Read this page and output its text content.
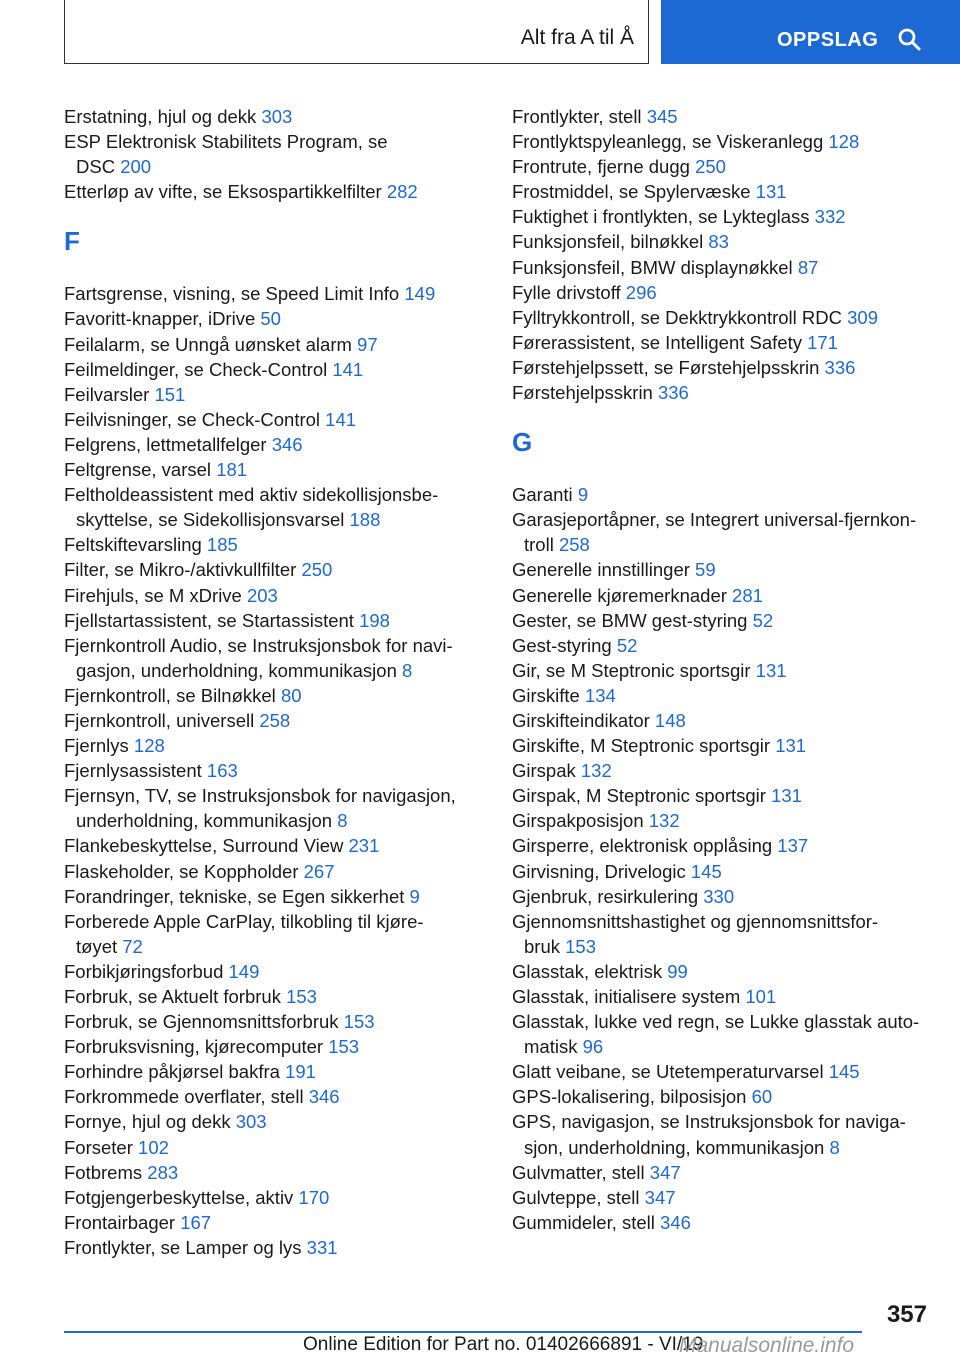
Alt fra A til Å	OPPSLAG
Erstatning, hjul og dekk 303
ESP Elektronisk Stabilitets Program, se
DSC 200
Etterløp av vifte, se Eksospartikkelfilter 282
F
Fartsgrense, visning, se Speed Limit Info 149
Favoritt-knapper, iDrive 50
Feilalarm, se Unngå uønsket alarm 97
Feilmeldinger, se Check-Control 141
Feilvarsler 151
Feilvisninger, se Check-Control 141
Felgrens, lettmetallfelger 346
Feltgrense, varsel 181
Feltholdeassistent med aktiv sidekollisjonsbe‐
skyttelse, se Sidekollisjonsvarsel 188
Feltskiftevarsling 185
Filter, se Mikro-/aktivkullfilter 250
Firehjuls, se M xDrive 203
Fjellstartassistent, se Startassistent 198
Fjernkontroll Audio, se Instruksjonsbok for navi‐
gasjon, underholdning, kommunikasjon 8
Fjernkontroll, se Bilnøkkel 80
Fjernkontroll, universell 258
Fjernlys 128
Fjernlysassistent 163
Fjernsyn, TV, se Instruksjonsbok for navigasjon,
underholdning, kommunikasjon 8
Flankebeskyttelse, Surround View 231
Flaskeholder, se Koppholder 267
Forandringer, tekniske, se Egen sikkerhet 9
Forberede Apple CarPlay, tilkobling til kjøre‐
tøyet 72
Forbikjøringsforbud 149
Forbruk, se Aktuelt forbruk 153
Forbruk, se Gjennomsnittsforbruk 153
Forbruksvisning, kjørecomputer 153
Forhindre påkjørsel bakfra 191
Forkrommede overflater, stell 346
Fornye, hjul og dekk 303
Forseter 102
Fotbrems 283
Fotgjengerbeskyttelse, aktiv 170
Frontairbager 167
Frontlykter, se Lamper og lys 331
Frontlykter, stell 345
Frontlyktspyleanlegg, se Viskeranlegg 128
Frontrute, fjerne dugg 250
Frostmiddel, se Spylervæske 131
Fuktighet i frontlykten, se Lykteglass 332
Funksjonsfeil, bilnøkkel 83
Funksjonsfeil, BMW displaynøkkel 87
Fylle drivstoff 296
Fylltrykkontroll, se Dekktrykkontroll RDC 309
Førerassistent, se Intelligent Safety 171
Førstehjelpssett, se Førstehjelpsskrin 336
Førstehjelpsskrin 336
G
Garanti 9
Garasjeportåpner, se Integrert universal-fjernkon‐
troll 258
Generelle innstillinger 59
Generelle kjøremerknader 281
Gester, se BMW gest-styring 52
Gest-styring 52
Gir, se M Steptronic sportsgir 131
Girskifte 134
Girskifteindikator 148
Girskifte, M Steptronic sportsgir 131
Girspak 132
Girspak, M Steptronic sportsgir 131
Girspakposisjon 132
Girsperre, elektronisk opplåsing 137
Girvisning, Drivelogic 145
Gjenbruk, resirkulering 330
Gjennomsnittshastighet og gjennomsnittsfor‐
bruk 153
Glasstak, elektrisk 99
Glasstak, initialisere system 101
Glasstak, lukke ved regn, se Lukke glasstak auto‐
matisk 96
Glatt veibane, se Utetemperaturvarsel 145
GPS-lokalisering, bilposisjon 60
GPS, navigasjon, se Instruksjonsbok for naviga‐
sjon, underholdning, kommunikasjon 8
Gulvmatter, stell 347
Gulvteppe, stell 347
Gummideler, stell 346
357
Online Edition for Part no. 01402666891 - VI/19
Manualsonline.info
